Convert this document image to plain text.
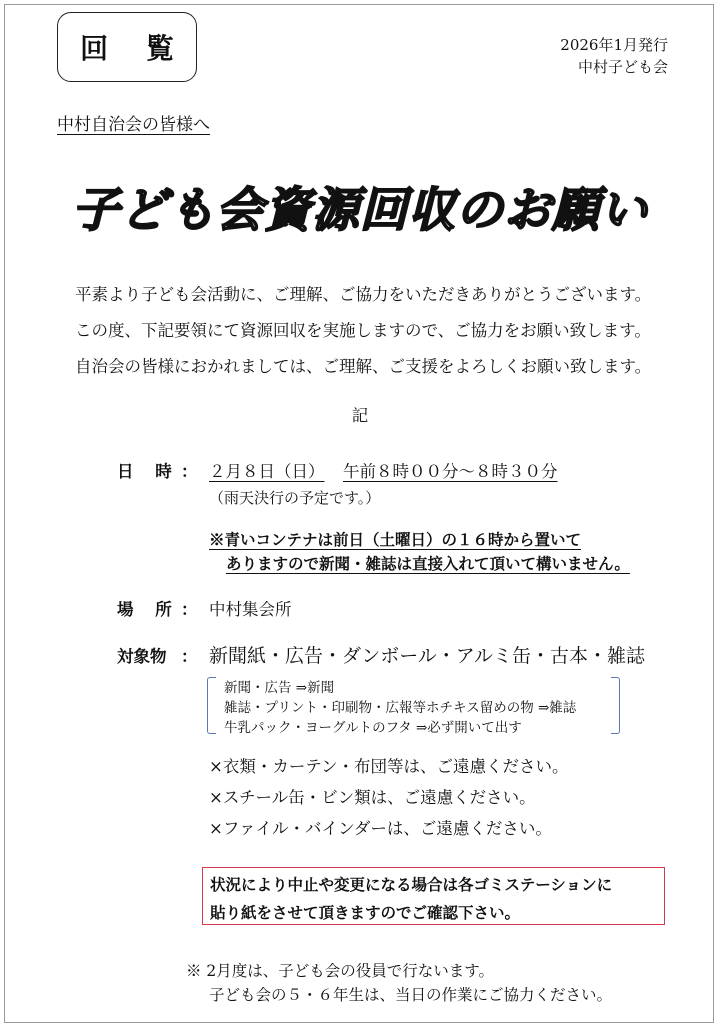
回 覧	2026年1月発行
中村子ども会
中村自治会の皆様へ
子ども会資源回収のお願い
平素より子ども会活動に、ご理解、ご協力をいただきありがとうございます。
この度、下記要領にて資源回収を実施しますので、ご協力をお願い致します。
自治会の皆様におかれましては、ご理解、ご支援をよろしくお願い致します。
記
日 時 ： ２月８日（日） 午前８時００分～８時３０分
（雨天決行の予定です。）
※青いコンテナは前日（土曜日）の１６時から置いて
ありますので新聞・雑誌は直接入れて頂いて構いません。
場 所 ： 中村集会所
対象物 ： 新聞紙・広告・ダンボール・アルミ缶・古本・雑誌
新聞・広告 ⇒新聞
雑誌・プリント・印刷物・広報等ホチキス留めの物 ⇒雑誌
牛乳パック・ヨーグルトのフタ ⇒必ず開いて出す
×衣類・カーテン・布団等は、ご遠慮ください。
×スチール缶・ビン類は、ご遠慮ください。
×ファイル・バインダーは、ご遠慮ください。
状況により中止や変更になる場合は各ゴミステーションに
貼り紙をさせて頂きますのでご確認下さい。
※ 2月度は、子ども会の役員で行ないます。
子ども会の５・６年生は、当日の作業にご協力ください。
